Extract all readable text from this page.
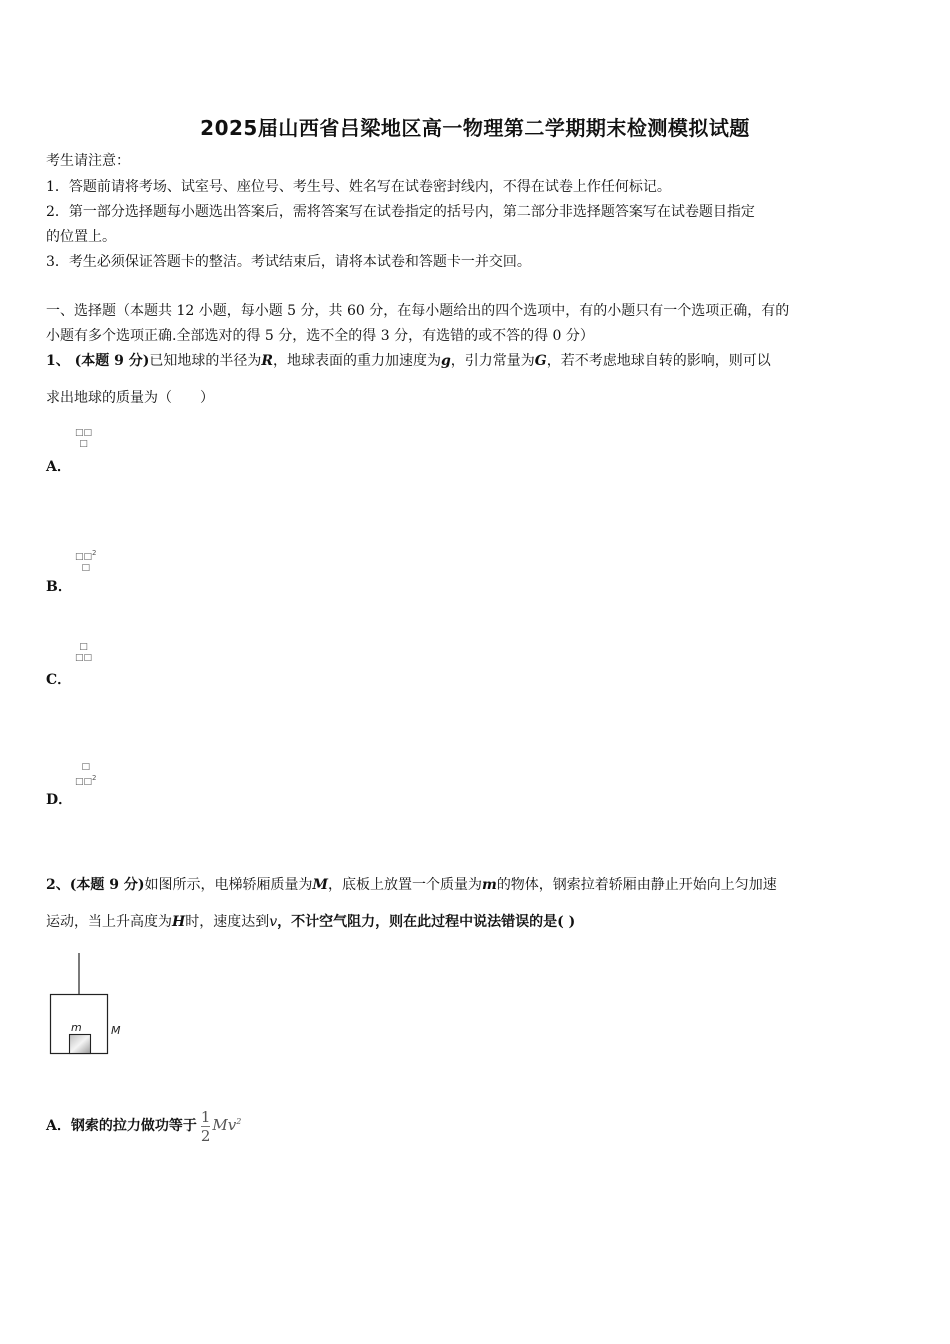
2025届山西省吕梁地区高一物理第二学期期末检测模拟试题
考生请注意：
1．答题前请将考场、试室号、座位号、考生号、姓名写在试卷密封线内，不得在试卷上作任何标记。
2．第一部分选择题每小题选出答案后，需将答案写在试卷指定的括号内，第二部分非选择题答案写在试卷题目指定
的位置上。
3．考生必须保证答题卡的整洁。考试结束后，请将本试卷和答题卡一并交回。
一、选择题（本题共 12 小题，每小题 5 分，共 60 分，在每小题给出的四个选项中，有的小题只有一个选项正确，有的
小题有多个选项正确.全部选对的得 5 分，选不全的得 3 分，有选错的或不答的得 0 分）
1、 (本题 9 分)已知地球的半径为R，地球表面的重力加速度为g，引力常量为G，若不考虑地球自转的影响，则可以
求出地球的质量为（　　）
□□
□
A．
□□$^2$
□
B．
□
□□
C．
□
□□$^2$
D．
2、(本题 9 分)如图所示，电梯轿厢质量为M，底板上放置一个质量为m的物体，钢索拉着轿厢由静止开始向上匀加速
运动，当上升高度为H时，速度达到v，不计空气阻力，则在此过程中说法错误的是( )
m	M
A．钢索的拉力做功等于 $\frac{1}{2} Mv^2$
